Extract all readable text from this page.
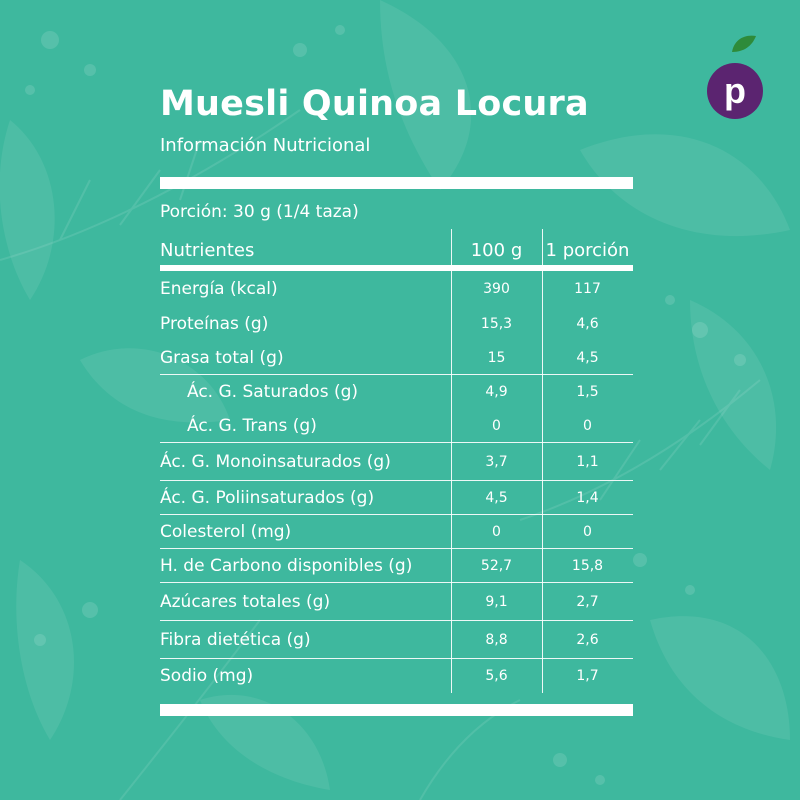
p
Muesli Quinoa Locura
Información Nutricional
Porción: 30 g (1/4 taza)
Nutrientes	100 g	1 porción
Energía (kcal)	390	117
Proteínas (g)	15,3	4,6
Grasa total (g)	15	4,5
Ác. G. Saturados (g)	4,9	1,5
Ác. G. Trans (g)	0	0
Ác. G. Monoinsaturados (g)	3,7	1,1
Ác. G. Poliinsaturados (g)	4,5	1,4
Colesterol (mg)	0	0
H. de Carbono disponibles (g)	52,7	15,8
Azúcares totales (g)	9,1	2,7
Fibra dietética (g)	8,8	2,6
Sodio (mg)	5,6	1,7
